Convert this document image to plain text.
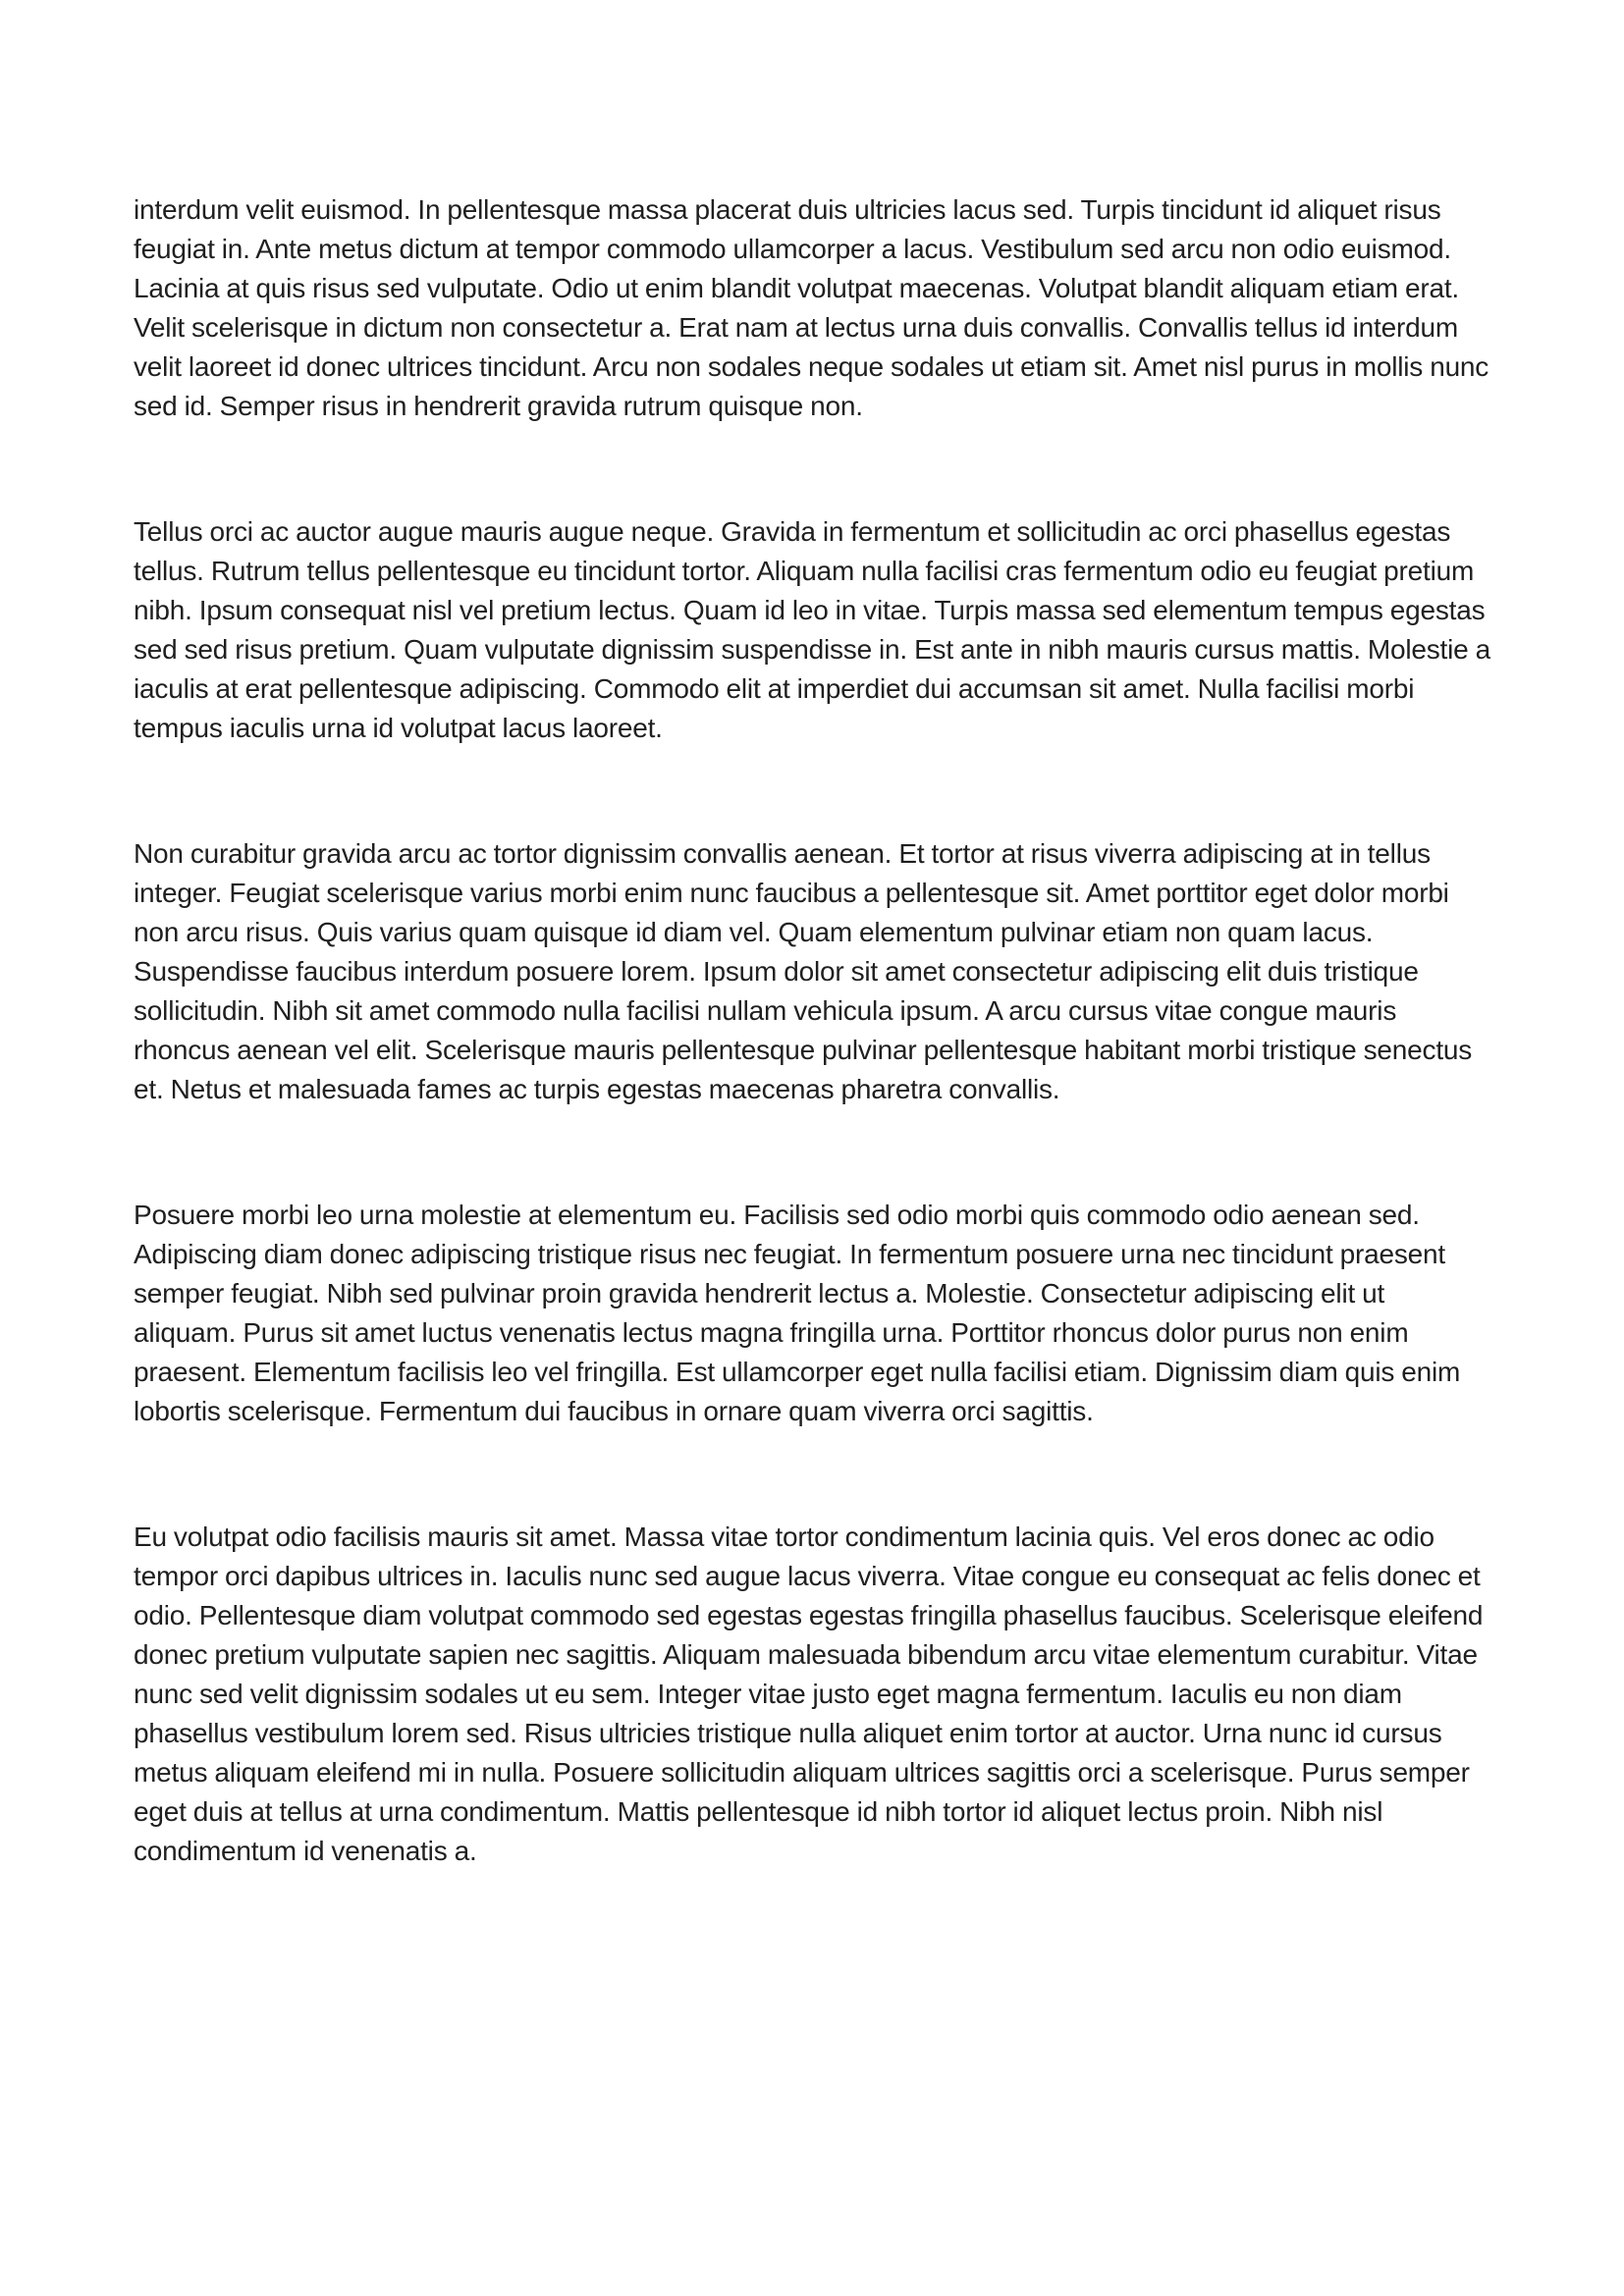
interdum velit euismod. In pellentesque massa placerat duis ultricies lacus sed. Turpis tincidunt id aliquet risus feugiat in. Ante metus dictum at tempor commodo ullamcorper a lacus. Vestibulum sed arcu non odio euismod. Lacinia at quis risus sed vulputate. Odio ut enim blandit volutpat maecenas. Volutpat blandit aliquam etiam erat. Velit scelerisque in dictum non consectetur a. Erat nam at lectus urna duis convallis. Convallis tellus id interdum velit laoreet id donec ultrices tincidunt. Arcu non sodales neque sodales ut etiam sit. Amet nisl purus in mollis nunc sed id. Semper risus in hendrerit gravida rutrum quisque non.

Tellus orci ac auctor augue mauris augue neque. Gravida in fermentum et sollicitudin ac orci phasellus egestas tellus. Rutrum tellus pellentesque eu tincidunt tortor. Aliquam nulla facilisi cras fermentum odio eu feugiat pretium nibh. Ipsum consequat nisl vel pretium lectus. Quam id leo in vitae. Turpis massa sed elementum tempus egestas sed sed risus pretium. Quam vulputate dignissim suspendisse in. Est ante in nibh mauris cursus mattis. Molestie a iaculis at erat pellentesque adipiscing. Commodo elit at imperdiet dui accumsan sit amet. Nulla facilisi morbi tempus iaculis urna id volutpat lacus laoreet.

Non curabitur gravida arcu ac tortor dignissim convallis aenean. Et tortor at risus viverra adipiscing at in tellus integer. Feugiat scelerisque varius morbi enim nunc faucibus a pellentesque sit. Amet porttitor eget dolor morbi non arcu risus. Quis varius quam quisque id diam vel. Quam elementum pulvinar etiam non quam lacus. Suspendisse faucibus interdum posuere lorem. Ipsum dolor sit amet consectetur adipiscing elit duis tristique sollicitudin. Nibh sit amet commodo nulla facilisi nullam vehicula ipsum. A arcu cursus vitae congue mauris rhoncus aenean vel elit. Scelerisque mauris pellentesque pulvinar pellentesque habitant morbi tristique senectus et. Netus et malesuada fames ac turpis egestas maecenas pharetra convallis.

Posuere morbi leo urna molestie at elementum eu. Facilisis sed odio morbi quis commodo odio aenean sed. Adipiscing diam donec adipiscing tristique risus nec feugiat. In fermentum posuere urna nec tincidunt praesent semper feugiat. Nibh sed pulvinar proin gravida hendrerit lectus a. Molestie. Consectetur adipiscing elit ut aliquam. Purus sit amet luctus venenatis lectus magna fringilla urna. Porttitor rhoncus dolor purus non enim praesent. Elementum facilisis leo vel fringilla. Est ullamcorper eget nulla facilisi etiam. Dignissim diam quis enim lobortis scelerisque. Fermentum dui faucibus in ornare quam viverra orci sagittis.

Eu volutpat odio facilisis mauris sit amet. Massa vitae tortor condimentum lacinia quis. Vel eros donec ac odio tempor orci dapibus ultrices in. Iaculis nunc sed augue lacus viverra. Vitae congue eu consequat ac felis donec et odio. Pellentesque diam volutpat commodo sed egestas egestas fringilla phasellus faucibus. Scelerisque eleifend donec pretium vulputate sapien nec sagittis. Aliquam malesuada bibendum arcu vitae elementum curabitur. Vitae nunc sed velit dignissim sodales ut eu sem. Integer vitae justo eget magna fermentum. Iaculis eu non diam phasellus vestibulum lorem sed. Risus ultricies tristique nulla aliquet enim tortor at auctor. Urna nunc id cursus metus aliquam eleifend mi in nulla. Posuere sollicitudin aliquam ultrices sagittis orci a scelerisque. Purus semper eget duis at tellus at urna condimentum. Mattis pellentesque id nibh tortor id aliquet lectus proin. Nibh nisl condimentum id venenatis a.
